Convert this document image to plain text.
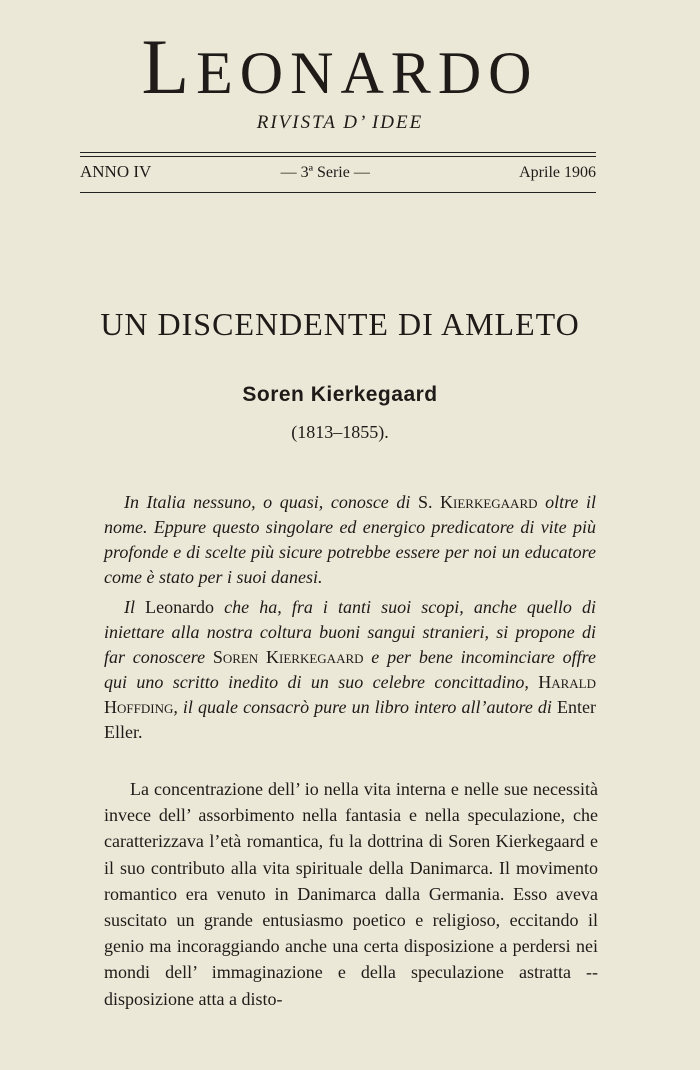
LEONARDO
RIVISTA D’ IDEE
ANNO IV	— 3ª Serie —	Aprile 1906
UN DISCENDENTE DI AMLETO
Soren Kierkegaard
(1813–1855).

In Italia nessuno, o quasi, conosce di S. Kierkegaard oltre il nome. Eppure questo singolare ed energico predicatore di vite più profonde e di scelte più sicure potrebbe essere per noi un educatore come è stato per i suoi danesi.

Il Leonardo che ha, fra i tanti suoi scopi, anche quello di iniettare alla nostra coltura buoni sangui stranieri, si propone di far conoscere Soren Kierkegaard e per bene incominciare offre qui uno scritto inedito di un suo celebre concittadino, Harald Hoffding, il quale consacrò pure un libro intero all’autore di Enter Eller.

La concentrazione dell’ io nella vita interna e nelle sue necessità invece dell’ assorbimento nella fantasia e nella speculazione, che caratterizzava l’età romantica, fu la dottrina di Soren Kierkegaard e il suo contributo alla vita spirituale della Danimarca. Il movimento romantico era venuto in Danimarca dalla Germania. Esso aveva suscitato un grande entusiasmo poetico e religioso, eccitando il genio ma incoraggiando anche una certa disposizione a perdersi nei mondi dell’ immaginazione e della speculazione astratta -- disposizione atta a disto-
